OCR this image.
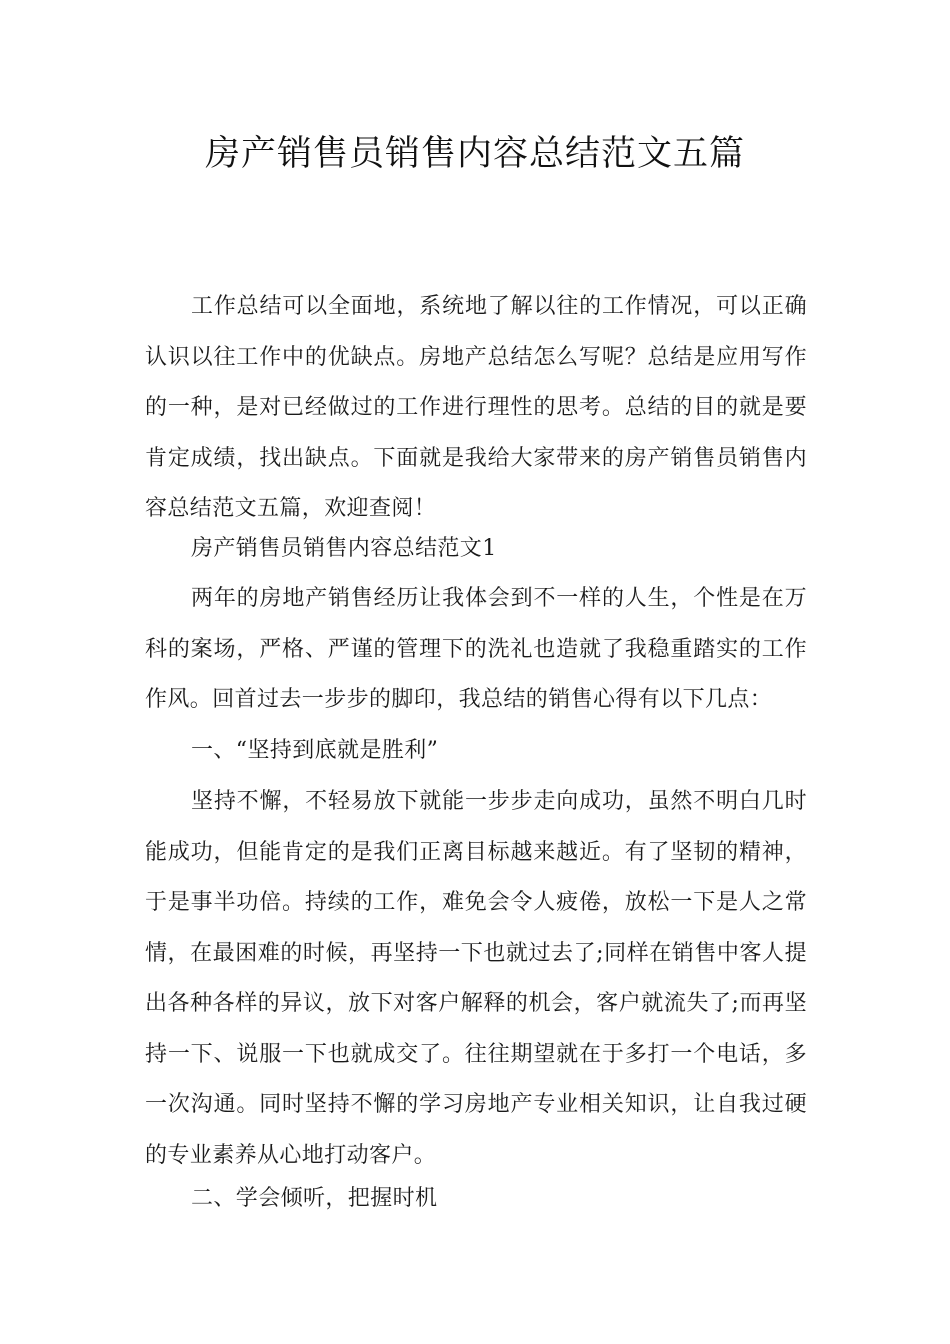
房产销售员销售内容总结范文五篇

工作总结可以全面地，系统地了解以往的工作情况，可以正确认识以往工作中的优缺点。房地产总结怎么写呢？总结是应用写作的一种，是对已经做过的工作进行理性的思考。总结的目的就是要肯定成绩，找出缺点。下面就是我给大家带来的房产销售员销售内容总结范文五篇，欢迎查阅！

房产销售员销售内容总结范文1

两年的房地产销售经历让我体会到不一样的人生，个性是在万科的案场，严格、严谨的管理下的洗礼也造就了我稳重踏实的工作作风。回首过去一步步的脚印，我总结的销售心得有以下几点：

一、“坚持到底就是胜利”

坚持不懈，不轻易放下就能一步步走向成功，虽然不明白几时能成功，但能肯定的是我们正离目标越来越近。有了坚韧的精神，于是事半功倍。持续的工作，难免会令人疲倦，放松一下是人之常情，在最困难的时候，再坚持一下也就过去了;同样在销售中客人提出各种各样的异议，放下对客户解释的机会，客户就流失了;而再坚持一下、说服一下也就成交了。往往期望就在于多打一个电话，多一次沟通。同时坚持不懈的学习房地产专业相关知识，让自我过硬的专业素养从心地打动客户。

二、学会倾听，把握时机
